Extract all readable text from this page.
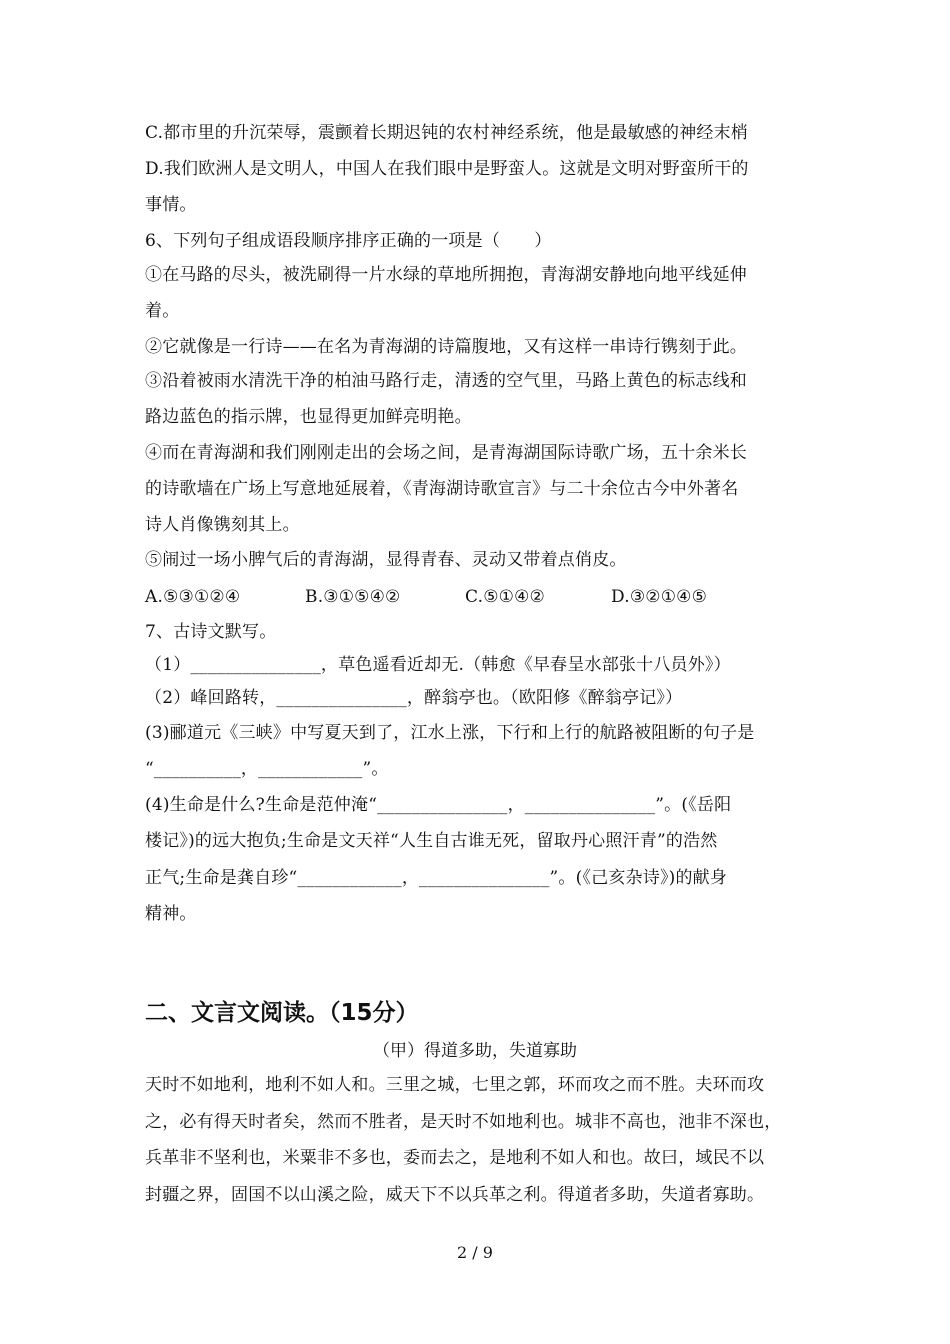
C.都市里的升沉荣辱，震颤着长期迟钝的农村神经系统，他是最敏感的神经末梢
D.我们欧洲人是文明人，中国人在我们眼中是野蛮人。这就是文明对野蛮所干的
事情。
6、下列句子组成语段顺序排序正确的一项是（　　）
①在马路的尽头，被洗刷得一片水绿的草地所拥抱，青海湖安静地向地平线延伸
着。
②它就像是一行诗——在名为青海湖的诗篇腹地，又有这样一串诗行镌刻于此。
③沿着被雨水清洗干净的柏油马路行走，清透的空气里，马路上黄色的标志线和
路边蓝色的指示牌，也显得更加鲜亮明艳。
④而在青海湖和我们刚刚走出的会场之间，是青海湖国际诗歌广场，五十余米长
的诗歌墙在广场上写意地延展着，《青海湖诗歌宣言》与二十余位古今中外著名
诗人肖像镌刻其上。
⑤闹过一场小脾气后的青海湖，显得青春、灵动又带着点俏皮。
A.⑤③①②④	B.③①⑤④②	C.⑤①④②	D.③②①④⑤
7、古诗文默写。
（1）_______________，草色遥看近却无.（韩愈《早春呈水部张十八员外》）
（2）峰回路转，_______________，醉翁亭也。（欧阳修《醉翁亭记》）
(3)郦道元《三峡》中写夏天到了，江水上涨，下行和上行的航路被阻断的句子是
“__________，____________”。
(4)生命是什么?生命是范仲淹“_______________，_______________”。(《岳阳
楼记》)的远大抱负;生命是文天祥“人生自古谁无死，留取丹心照汗青”的浩然
正气;生命是龚自珍“____________，_______________”。(《己亥杂诗》)的献身
精神。
二、文言文阅读。（15分）
（甲）得道多助，失道寡助
天时不如地利，地利不如人和。三里之城，七里之郭，环而攻之而不胜。夫环而攻
之，必有得天时者矣，然而不胜者，是天时不如地利也。城非不高也，池非不深也，
兵革非不坚利也，米粟非不多也，委而去之，是地利不如人和也。故曰，域民不以
封疆之界，固国不以山溪之险，威天下不以兵革之利。得道者多助，失道者寡助。
2 / 9
